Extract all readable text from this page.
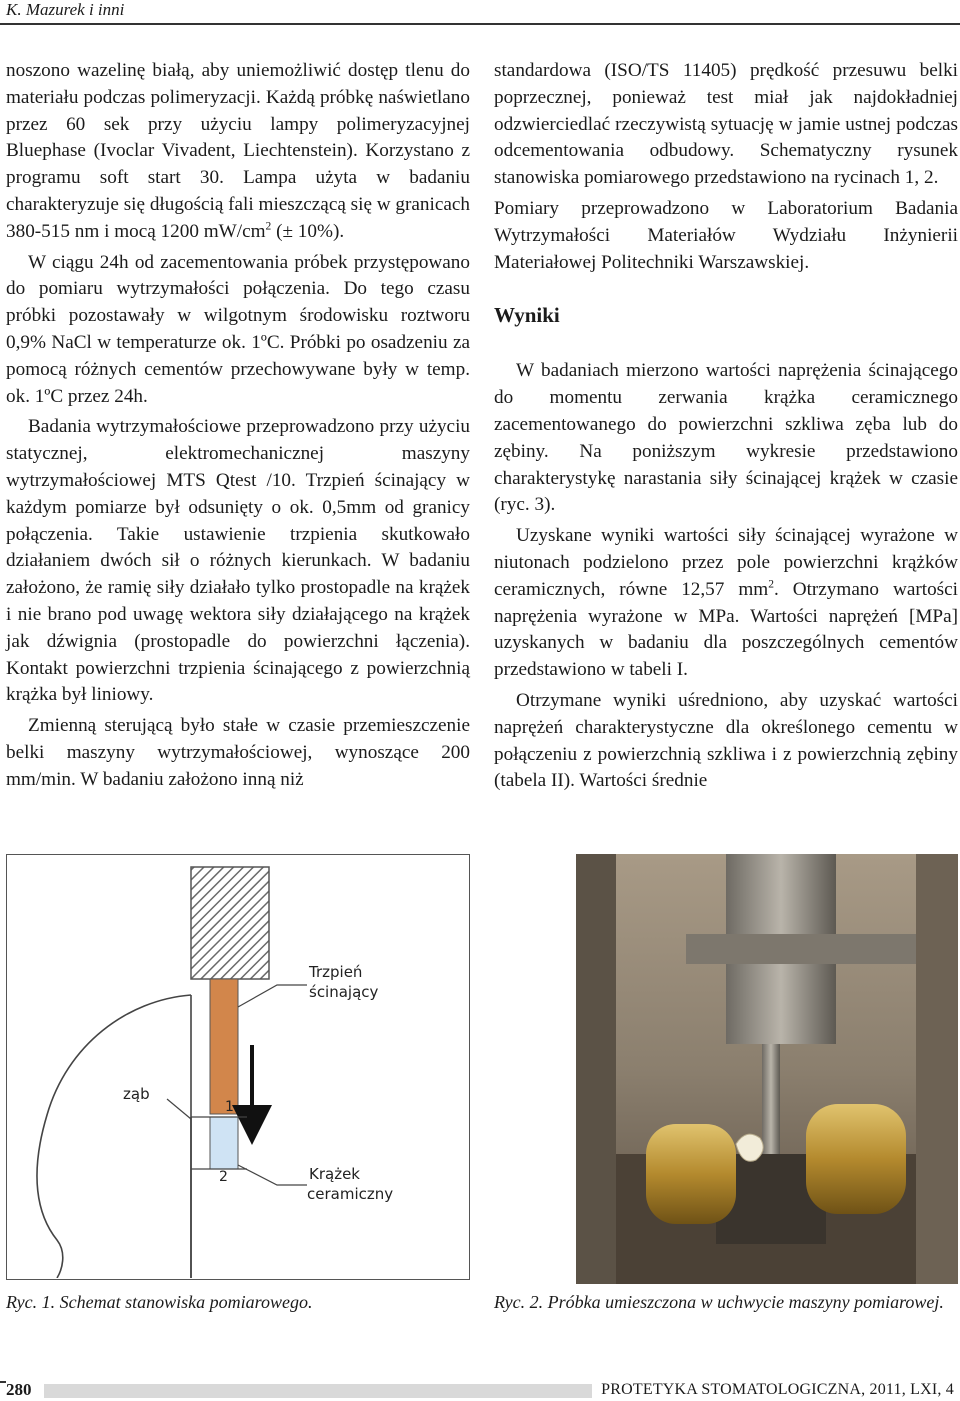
K. Mazurek i inni

noszono wazelinę białą, aby uniemożliwić dostęp tlenu do materiału podczas polimeryzacji. Każdą próbkę naświetlano przez 60 sek przy użyciu lampy polimeryzacyjnej Bluephase (Ivoclar Vivadent, Liechtenstein). Korzystano z programu soft start 30. Lampa użyta w badaniu charakteryzuje się długością fali mieszczącą się w granicach 380-515 nm i mocą 1200 $mW/cm^2$ (± 10%).

W ciągu 24h od zacementowania próbek przystępowano do pomiaru wytrzymałości połączenia. Do tego czasu próbki pozostawały w wilgotnym środowisku roztworu 0,9% NaCl w temperaturze ok. 1ºC. Próbki po osadzeniu za pomocą różnych cementów przechowywane były w temp. ok. 1ºC przez 24h.

Badania wytrzymałościowe przeprowadzono przy użyciu statycznej, elektromechanicznej maszyny wytrzymałościowej MTS Qtest /10. Trzpień ścinający w każdym pomiarze był odsunięty o ok. 0,5mm od granicy połączenia. Takie ustawienie trzpienia skutkowało działaniem dwóch sił o różnych kierunkach. W badaniu założono, że ramię siły działało tylko prostopadle na krążek i nie brano pod uwagę wektora siły działającego na krążek jak dźwignia (prostopadle do powierzchni łączenia). Kontakt powierzchni trzpienia ścinającego z powierzchnią krążka był liniowy.

Zmienną sterującą było stałe w czasie przemieszczenie belki maszyny wytrzymałościowej, wynoszące 200 mm/min. W badaniu założono inną niż

standardowa (ISO/TS 11405) prędkość przesuwu belki poprzecznej, ponieważ test miał jak najdokładniej odzwierciedlać rzeczywistą sytuację w jamie ustnej podczas odcementowania odbudowy. Schematyczny rysunek stanowiska pomiarowego przedstawiono na rycinach 1, 2.

Pomiary przeprowadzono w Laboratorium Badania Wytrzymałości Materiałów Wydziału Inżynierii Materiałowej Politechniki Warszawskiej.

Wyniki

W badaniach mierzono wartości naprężenia ścinającego do momentu zerwania krążka ceramicznego zacementowanego do powierzchni szkliwa zęba lub do zębiny. Na poniższym wykresie przedstawiono charakterystykę narastania siły ścinającej krążek w czasie (ryc. 3).

Uzyskane wyniki wartości siły ścinającej wyrażone w niutonach podzielono przez pole powierzchni krążków ceramicznych, równe 12,57 $mm^2$. Otrzymano wartości naprężenia wyrażone w MPa. Wartości naprężeń [MPa] uzyskanych w badaniu dla poszczególnych cementów przedstawiono w tabeli I.

Otrzymane wyniki uśredniono, aby uzyskać wartości naprężeń charakterystyczne dla określonego cementu w połączeniu z powierzchnią szkliwa i z powierzchnią zębiny (tabela II). Wartości średnie

Trzpień
ścinający
ząb
1
2	Krążek
ceramiczny
Ryc. 1. Schemat stanowiska pomiarowego.	Ryc. 2. Próbka umieszczona w uchwycie maszyny pomiarowej.
280	PROTETYKA STOMATOLOGICZNA, 2011, LXI, 4
